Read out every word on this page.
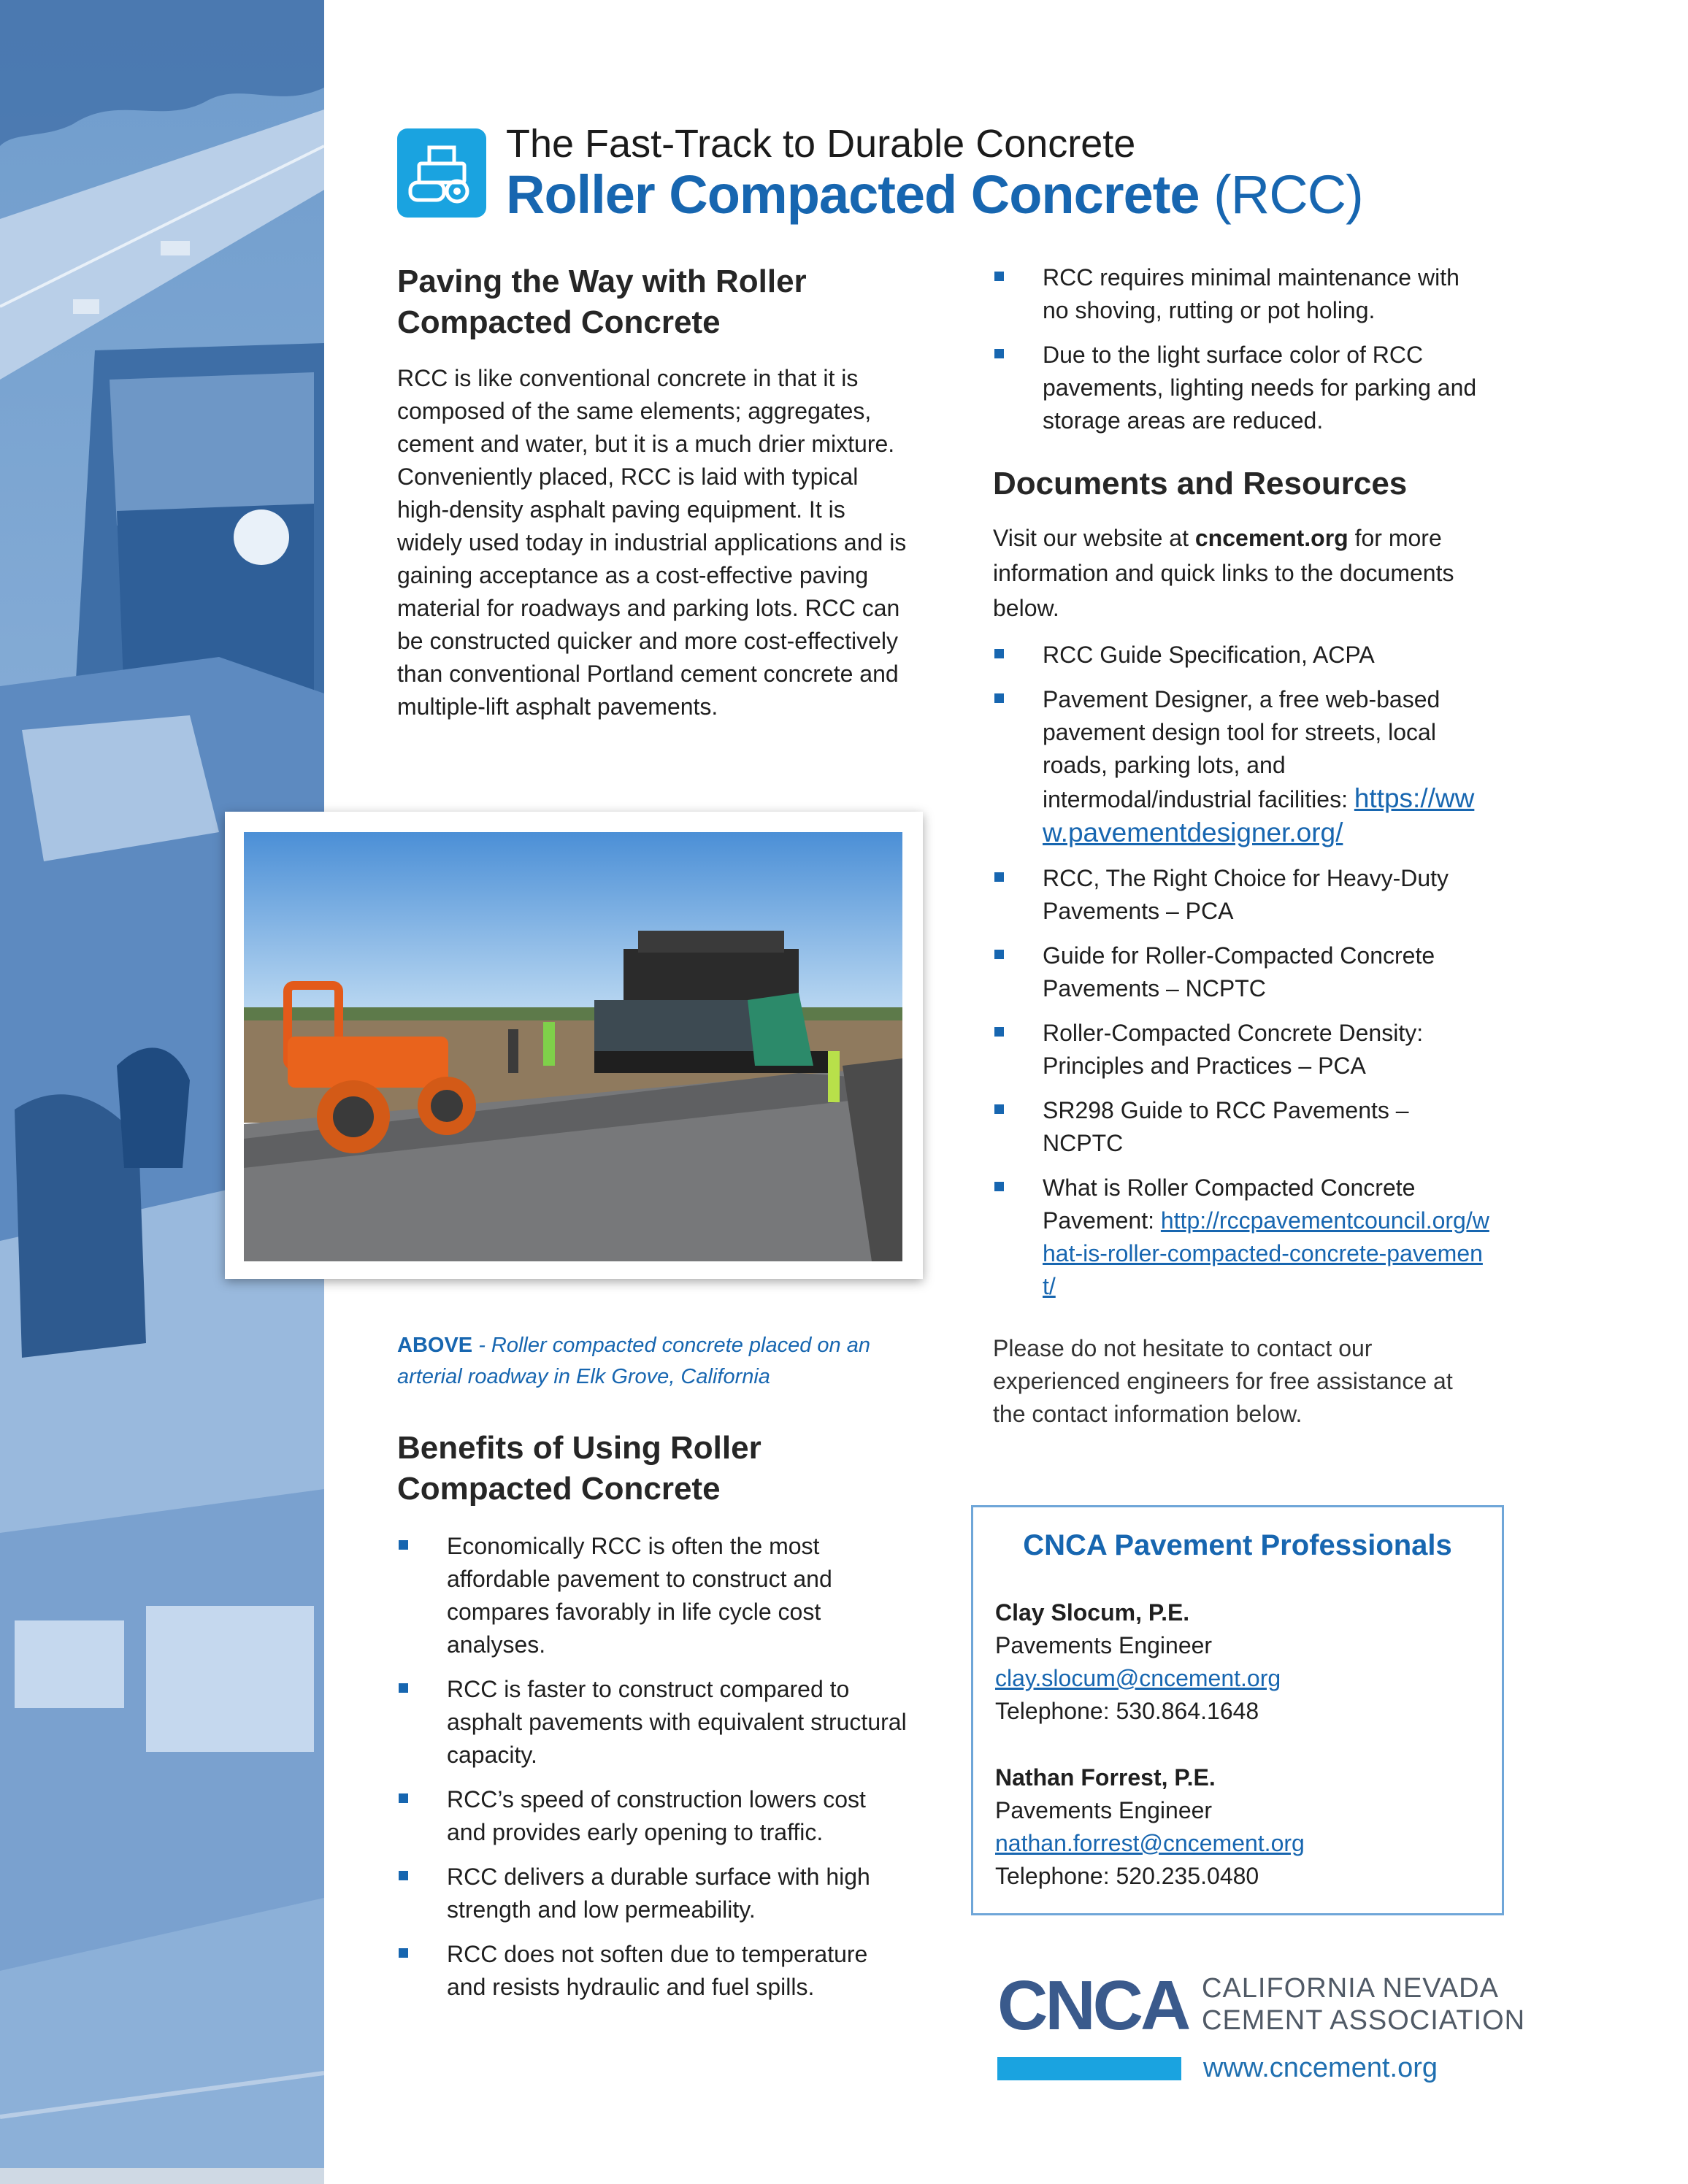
The Fast-Track to Durable Concrete
Roller Compacted Concrete (RCC)
Paving the Way with Roller Compacted Concrete

RCC is like conventional concrete in that it is composed of the same elements; aggregates, cement and water, but it is a much drier mixture. Conveniently placed, RCC is laid with typical high-density asphalt paving equipment. It is widely used today in industrial applications and is gaining acceptance as a cost-effective paving material for roadways and parking lots. RCC can be constructed quicker and more cost-effectively than conventional Portland cement concrete and multiple-lift asphalt pavements.

ABOVE - Roller compacted concrete placed on an arterial roadway in Elk Grove, California
Benefits of Using Roller Compacted Concrete
Economically RCC is often the most affordable pavement to construct and compares favorably in life cycle cost analyses.
RCC is faster to construct compared to asphalt pavements with equivalent structural capacity.
RCC’s speed of construction lowers cost and provides early opening to traffic.
RCC delivers a durable surface with high strength and low permeability.
RCC does not soften due to temperature and resists hydraulic and fuel spills.
RCC requires minimal maintenance with no shoving, rutting or pot holing.
Due to the light surface color of RCC pavements, lighting needs for parking and storage areas are reduced.
Documents and Resources

Visit our website at cncement.org for more information and quick links to the documents below.

RCC Guide Specification, ACPA
Pavement Designer, a free web-based pavement design tool for streets, local roads, parking lots, and intermodal/industrial facilities: https://www.pavementdesigner.org/
RCC, The Right Choice for Heavy-Duty Pavements – PCA
Guide for Roller-Compacted Concrete Pavements – NCPTC
Roller-Compacted Concrete Density: Principles and Practices – PCA
SR298 Guide to RCC Pavements – NCPTC
What is Roller Compacted Concrete Pavement: http://rccpavementcouncil.org/what-is-roller-compacted-concrete-pavement/

Please do not hesitate to contact our experienced engineers for free assistance at the contact information below.

CNCA Pavement Professionals
Clay Slocum, P.E.
Pavements Engineer
clay.slocum@cncement.org
Telephone: 530.864.1648
Nathan Forrest, P.E.
Pavements Engineer
nathan.forrest@cncement.org
Telephone: 520.235.0480
CNCA CALIFORNIA NEVADA
CEMENT ASSOCIATION
www.cncement.org
